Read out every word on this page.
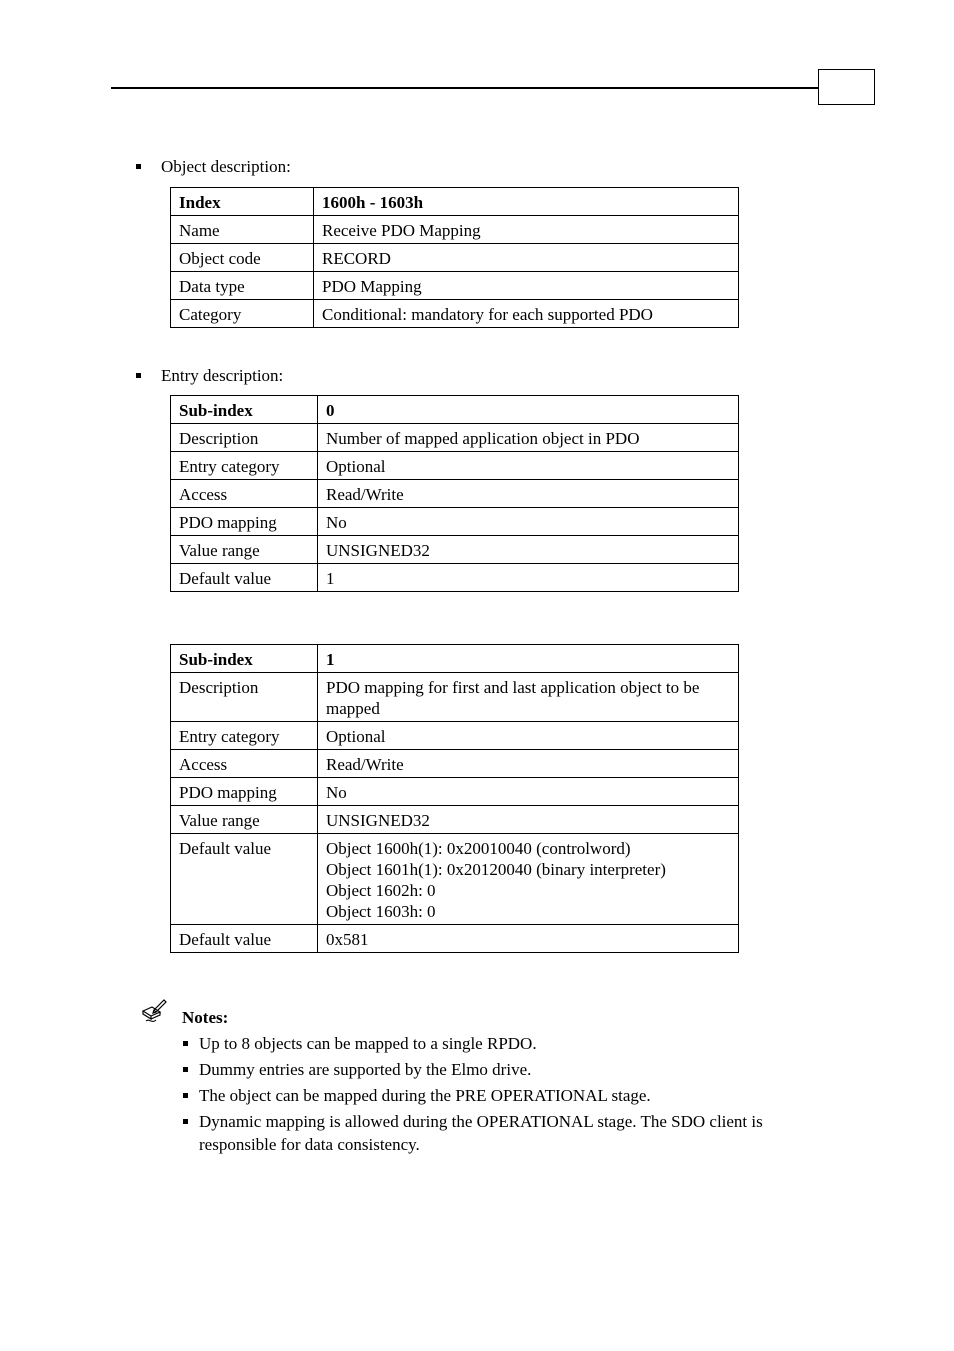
Object description:
Index	1600h - 1603h
Name	Receive PDO Mapping
Object code	RECORD
Data type	PDO Mapping
Category	Conditional: mandatory for each supported PDO
Entry description:
Sub-index	0
Description	Number of mapped application object in PDO
Entry category	Optional
Access	Read/Write
PDO mapping	No
Value range	UNSIGNED32
Default value	1
Sub-index	1
Description	PDO mapping for first and last application object to be mapped
Entry category	Optional
Access	Read/Write
PDO mapping	No
Value range	UNSIGNED32
Default value	Object 1600h(1): 0x20010040 (controlword)
Object 1601h(1): 0x20120040 (binary interpreter)
Object 1602h: 0
Object 1603h: 0

Default value	0x581
Notes:
Up to 8 objects can be mapped to a single RPDO.
Dummy entries are supported by the Elmo drive.
The object can be mapped during the PRE OPERATIONAL stage.
Dynamic mapping is allowed during the OPERATIONAL stage. The SDO client is responsible for data consistency.
